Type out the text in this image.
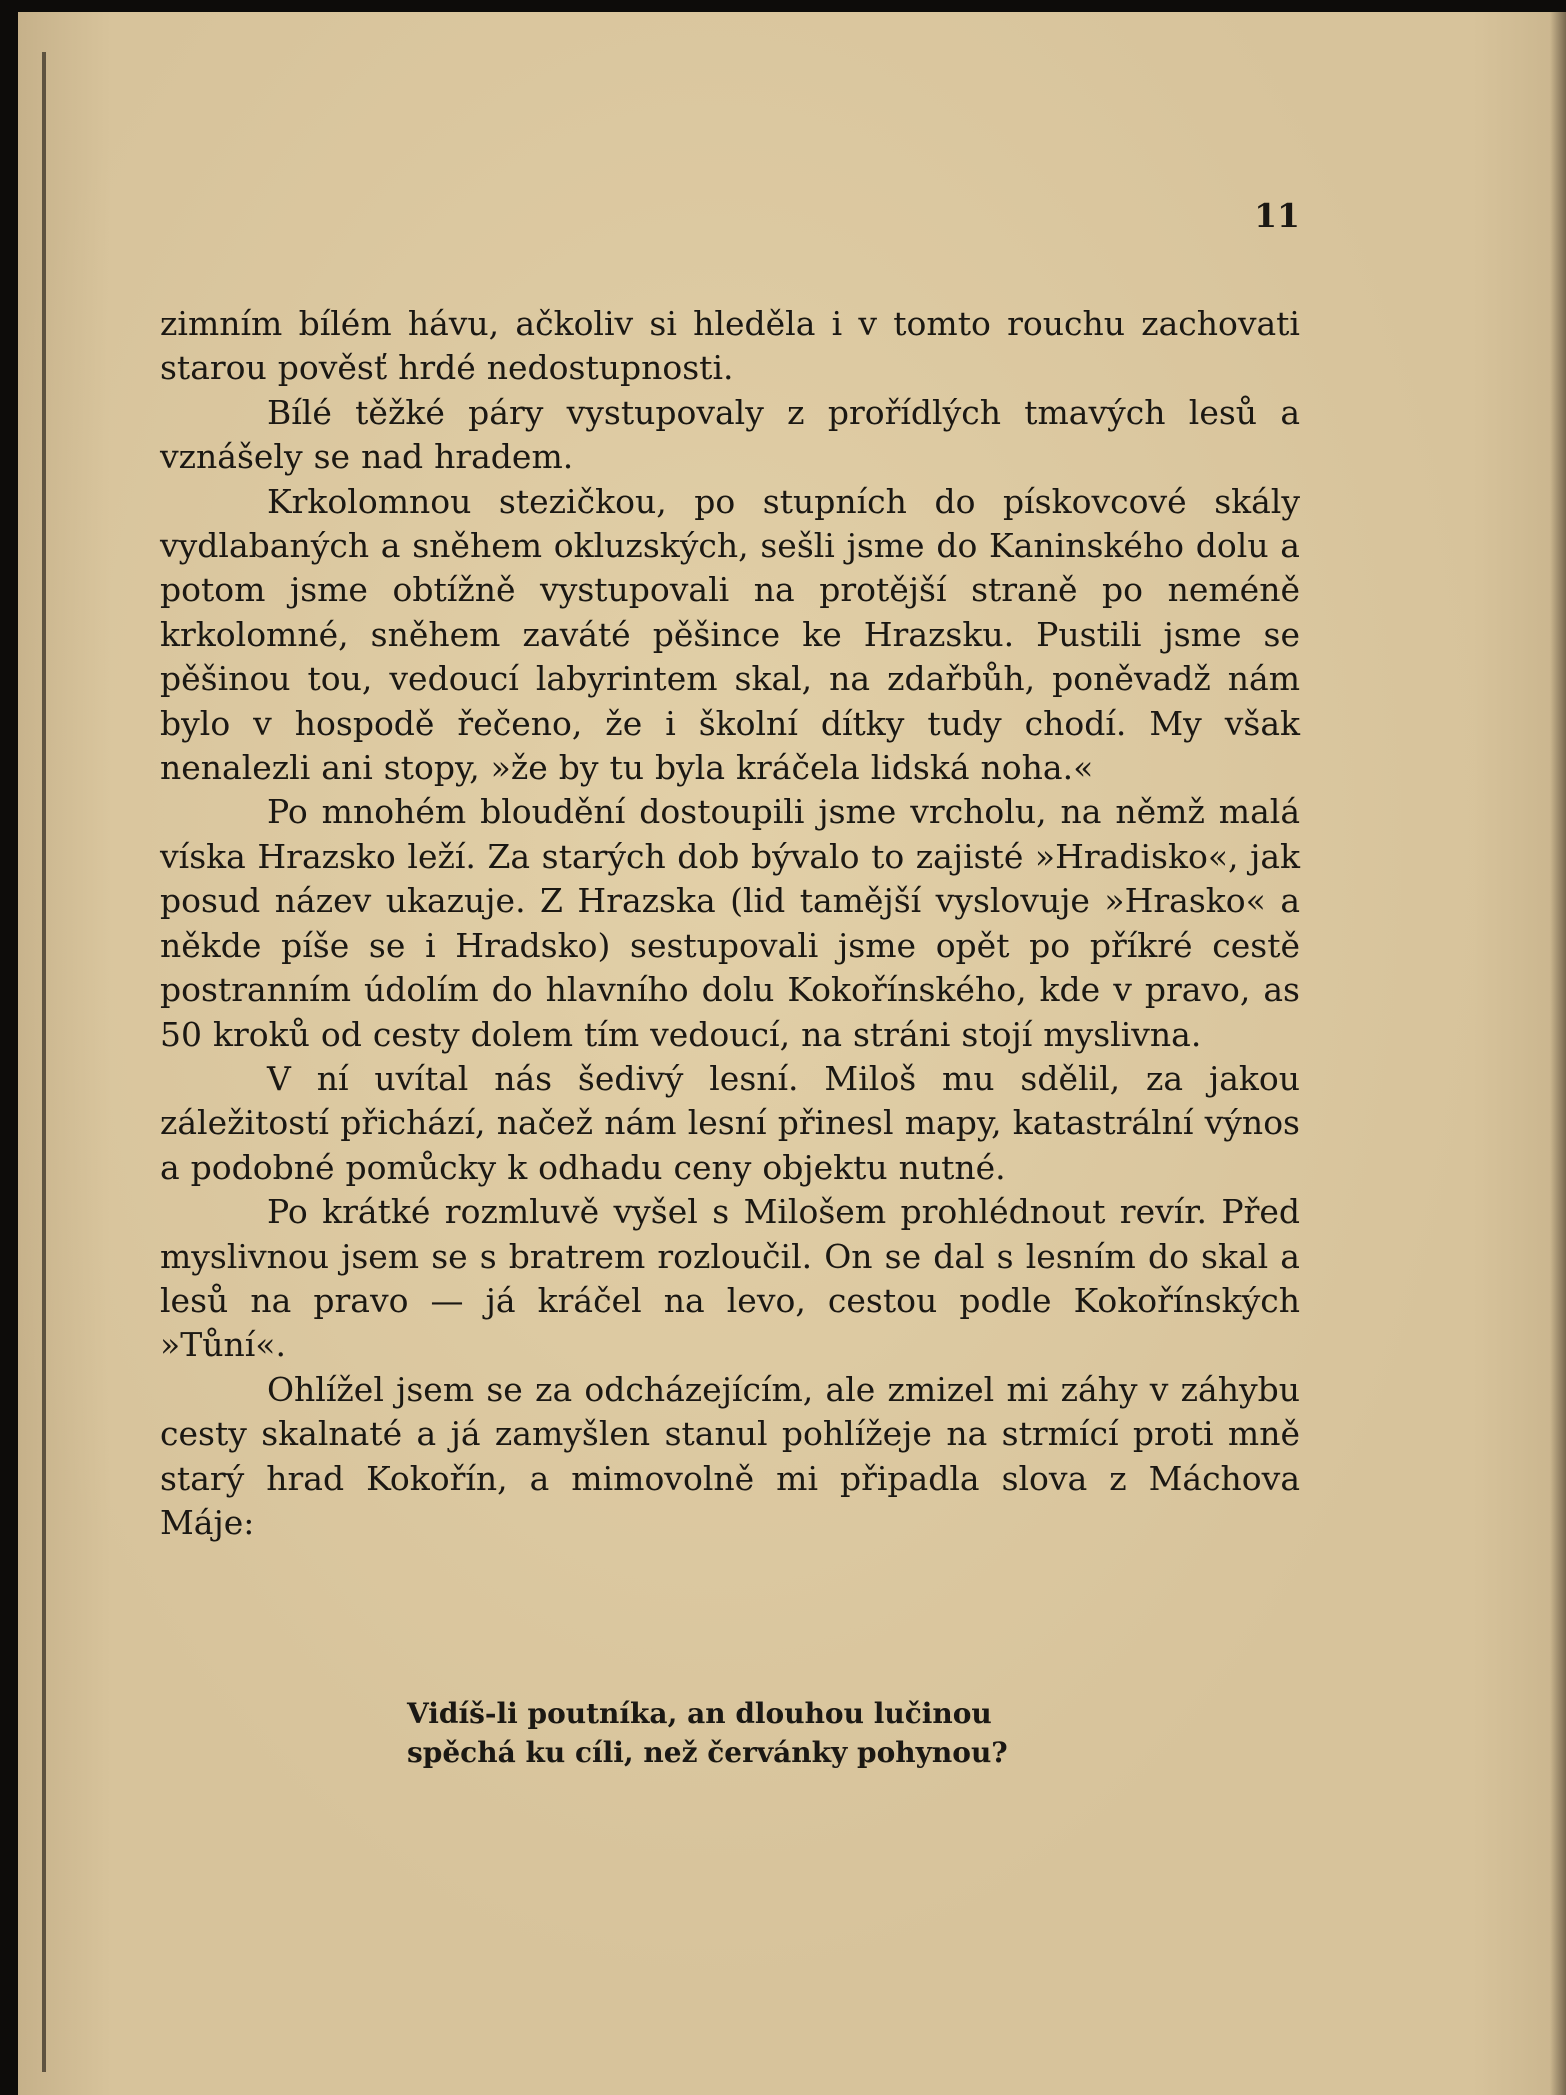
11

zimním bílém hávu, ačkoliv si hleděla i v tomto rouchu zachovati starou pověsť hrdé nedostupnosti.

Bílé těžké páry vystupovaly z prořídlých tmavých lesů a vznášely se nad hradem.

Krkolomnou stezičkou, po stupních do pískovcové skály vydlabaných a sněhem okluzských, sešli jsme do Kaninského dolu a potom jsme obtížně vystupovali na protější straně po neméně krkolomné, sněhem zaváté pěšince ke Hrazsku. Pustili jsme se pěšinou tou, vedoucí labyrintem skal, na zdařbůh, poněvadž nám bylo v hospodě řečeno, že i školní dítky tudy chodí. My však nenalezli ani stopy, »že by tu byla kráčela lidská noha.«

Po mnohém bloudění dostoupili jsme vrcholu, na němž malá víska Hrazsko leží. Za starých dob bývalo to zajisté »Hradisko«, jak posud název ukazuje. Z Hrazska (lid tamější vyslovuje »Hrasko« a někde píše se i Hradsko) sestupovali jsme opět po příkré cestě postranním údolím do hlavního dolu Kokořínského, kde v pravo, as 50 kroků od cesty dolem tím vedoucí, na stráni stojí myslivna.

V ní uvítal nás šedivý lesní. Miloš mu sdělil, za jakou záležitostí přichází, načež nám lesní přinesl mapy, katastrální výnos a podobné pomůcky k odhadu ceny objektu nutné.

Po krátké rozmluvě vyšel s Milošem prohlédnout revír. Před myslivnou jsem se s bratrem rozloučil. On se dal s lesním do skal a lesů na pravo — já kráčel na levo, cestou podle Kokořínských »Tůní«.

Ohlížel jsem se za odcházejícím, ale zmizel mi záhy v záhybu cesty skalnaté a já zamyšlen stanul pohlížeje na strmící proti mně starý hrad Kokořín, a mimovolně mi připadla slova z Máchova Máje:

Vidíš-li poutníka, an dlouhou lučinou
spěchá ku cíli, než červánky pohynou?
